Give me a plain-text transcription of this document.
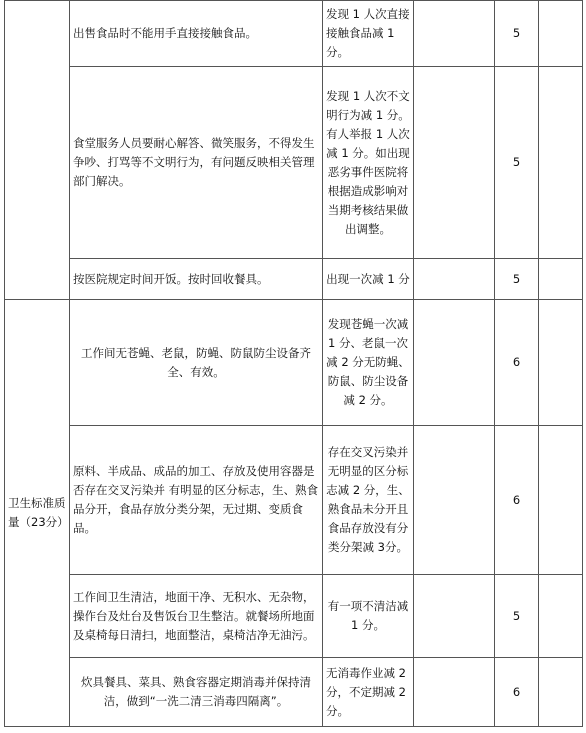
	出售食品时不能用手直接接触食品。	发现 1 人次直接接触食品减 1分。		5	
	食堂服务人员要耐心解答、微笑服务，不得发生争吵、打骂等不文明行为，有问题反映相关管理部门解决。	发现 1 人次不文明行为减 1 分。有人举报 1 人次减 1 分。如出现恶劣事件医院将根据造成影响对当期考核结果做出调整。		5	
	按医院规定时间开饭。按时回收餐具。	出现一次减 1 分		5	
卫生标准质量（23分）	工作间无苍蝇、老鼠，防蝇、防鼠防尘设备齐全、有效。	发现苍蝇一次减 1 分、老鼠一次减 2 分无防蝇、防鼠、防尘设备减 2 分。		6	
	原料、半成品、成品的加工、存放及使用容器是否存在交叉污染并 有明显的区分标志，生、熟食品分开，食品存放分类分架，无过期、变质食品。	存在交叉污染并无明显的区分标志减 2 分，生、熟食品未分开且食品存放没有分类分架减 3分。		6	
	工作间卫生清洁，地面干净、无积水、无杂物，操作台及灶台及售饭台卫生整洁。就餐场所地面及桌椅每日清扫，地面整洁，桌椅洁净无油污。	有一项不清洁减 1 分。		5	
	炊具餐具、菜具、熟食容器定期消毒并保持清洁，做到“一洗二清三消毒四隔离”。	无消毒作业减 2 分，不定期减 2 分。		6	
